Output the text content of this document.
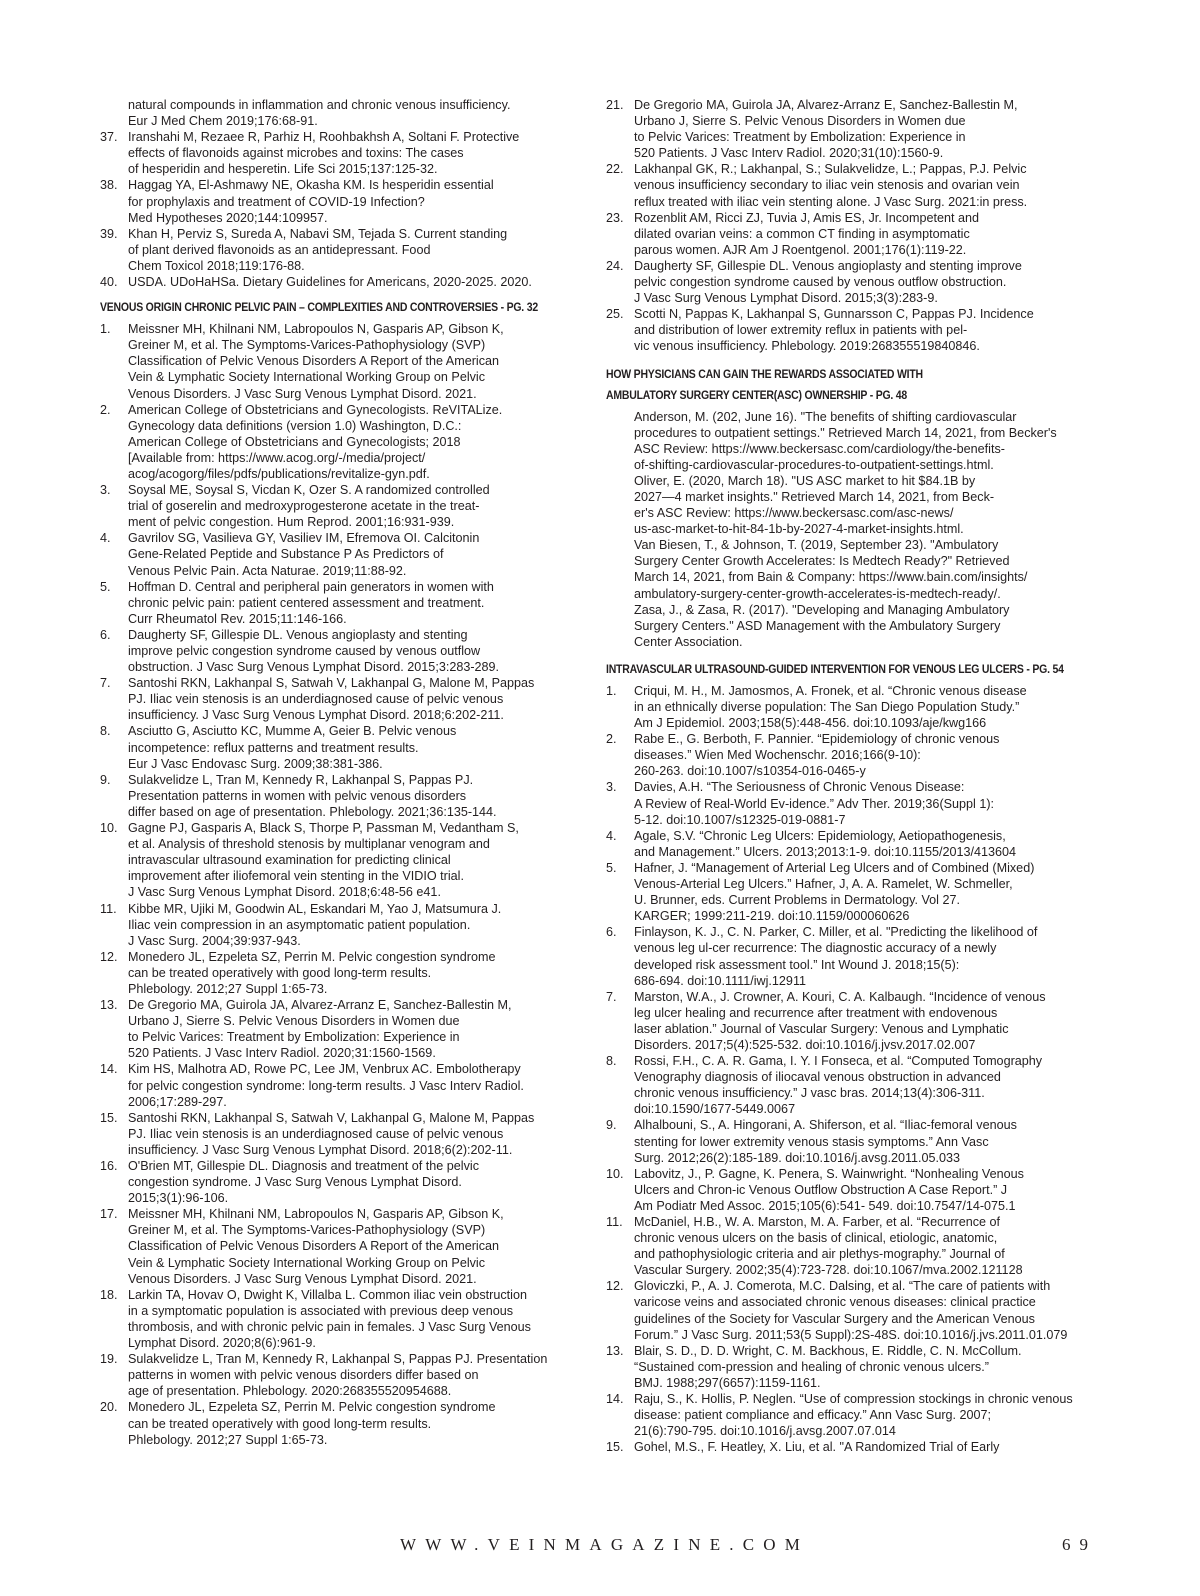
natural compounds in inflammation and chronic venous insufficiency.
Eur J Med Chem 2019;176:68-91.
37. Iranshahi M, Rezaee R, Parhiz H, Roohbakhsh A, Soltani F. Protective
effects of flavonoids against microbes and toxins: The cases
of hesperidin and hesperetin. Life Sci 2015;137:125-32.
38. Haggag YA, El-Ashmawy NE, Okasha KM. Is hesperidin essential
for prophylaxis and treatment of COVID-19 Infection?
Med Hypotheses 2020;144:109957.
39. Khan H, Perviz S, Sureda A, Nabavi SM, Tejada S. Current standing
of plant derived flavonoids as an antidepressant. Food
Chem Toxicol 2018;119:176-88.
40. USDA. UDoHaHSa. Dietary Guidelines for Americans, 2020-2025. 2020.
VENOUS ORIGIN CHRONIC PELVIC PAIN – COMPLEXITIES AND CONTROVERSIES - PG. 32
1. Meissner MH, Khilnani NM, Labropoulos N, Gasparis AP, Gibson K,
Greiner M, et al. The Symptoms-Varices-Pathophysiology (SVP)
Classification of Pelvic Venous Disorders A Report of the American
Vein & Lymphatic Society International Working Group on Pelvic
Venous Disorders. J Vasc Surg Venous Lymphat Disord. 2021.
2. American College of Obstetricians and Gynecologists. ReVITALize.
Gynecology data definitions (version 1.0) Washington, D.C.:
American College of Obstetricians and Gynecologists; 2018
[Available from: https://www.acog.org/-/media/project/
acog/acogorg/files/pdfs/publications/revitalize-gyn.pdf.
3. Soysal ME, Soysal S, Vicdan K, Ozer S. A randomized controlled
trial of goserelin and medroxyprogesterone acetate in the treat-
ment of pelvic congestion. Hum Reprod. 2001;16:931-939.
4. Gavrilov SG, Vasilieva GY, Vasiliev IM, Efremova OI. Calcitonin
Gene-Related Peptide and Substance P As Predictors of
Venous Pelvic Pain. Acta Naturae. 2019;11:88-92.
5. Hoffman D. Central and peripheral pain generators in women with
chronic pelvic pain: patient centered assessment and treatment.
Curr Rheumatol Rev. 2015;11:146-166.
6. Daugherty SF, Gillespie DL. Venous angioplasty and stenting
improve pelvic congestion syndrome caused by venous outflow
obstruction. J Vasc Surg Venous Lymphat Disord. 2015;3:283-289.
7. Santoshi RKN, Lakhanpal S, Satwah V, Lakhanpal G, Malone M, Pappas
PJ. Iliac vein stenosis is an underdiagnosed cause of pelvic venous
insufficiency. J Vasc Surg Venous Lymphat Disord. 2018;6:202-211.
8. Asciutto G, Asciutto KC, Mumme A, Geier B. Pelvic venous
incompetence: reflux patterns and treatment results.
Eur J Vasc Endovasc Surg. 2009;38:381-386.
9. Sulakvelidze L, Tran M, Kennedy R, Lakhanpal S, Pappas PJ.
Presentation patterns in women with pelvic venous disorders
differ based on age of presentation. Phlebology. 2021;36:135-144.
10. Gagne PJ, Gasparis A, Black S, Thorpe P, Passman M, Vedantham S,
et al. Analysis of threshold stenosis by multiplanar venogram and
intravascular ultrasound examination for predicting clinical
improvement after iliofemoral vein stenting in the VIDIO trial.
J Vasc Surg Venous Lymphat Disord. 2018;6:48-56 e41.
11. Kibbe MR, Ujiki M, Goodwin AL, Eskandari M, Yao J, Matsumura J.
Iliac vein compression in an asymptomatic patient population.
J Vasc Surg. 2004;39:937-943.
12. Monedero JL, Ezpeleta SZ, Perrin M. Pelvic congestion syndrome
can be treated operatively with good long-term results.
Phlebology. 2012;27 Suppl 1:65-73.
13. De Gregorio MA, Guirola JA, Alvarez-Arranz E, Sanchez-Ballestin M,
Urbano J, Sierre S. Pelvic Venous Disorders in Women due
to Pelvic Varices: Treatment by Embolization: Experience in
520 Patients. J Vasc Interv Radiol. 2020;31:1560-1569.
14. Kim HS, Malhotra AD, Rowe PC, Lee JM, Venbrux AC. Embolotherapy
for pelvic congestion syndrome: long-term results. J Vasc Interv Radiol.
2006;17:289-297.
15. Santoshi RKN, Lakhanpal S, Satwah V, Lakhanpal G, Malone M, Pappas
PJ. Iliac vein stenosis is an underdiagnosed cause of pelvic venous
insufficiency. J Vasc Surg Venous Lymphat Disord. 2018;6(2):202-11.
16. O'Brien MT, Gillespie DL. Diagnosis and treatment of the pelvic
congestion syndrome. J Vasc Surg Venous Lymphat Disord.
2015;3(1):96-106.
17. Meissner MH, Khilnani NM, Labropoulos N, Gasparis AP, Gibson K,
Greiner M, et al. The Symptoms-Varices-Pathophysiology (SVP)
Classification of Pelvic Venous Disorders A Report of the American
Vein & Lymphatic Society International Working Group on Pelvic
Venous Disorders. J Vasc Surg Venous Lymphat Disord. 2021.
18. Larkin TA, Hovav O, Dwight K, Villalba L. Common iliac vein obstruction
in a symptomatic population is associated with previous deep venous
thrombosis, and with chronic pelvic pain in females. J Vasc Surg Venous
Lymphat Disord. 2020;8(6):961-9.
19. Sulakvelidze L, Tran M, Kennedy R, Lakhanpal S, Pappas PJ. Presentation
patterns in women with pelvic venous disorders differ based on
age of presentation. Phlebology. 2020:268355520954688.
20. Monedero JL, Ezpeleta SZ, Perrin M. Pelvic congestion syndrome
can be treated operatively with good long-term results.
Phlebology. 2012;27 Suppl 1:65-73.
21. De Gregorio MA, Guirola JA, Alvarez-Arranz E, Sanchez-Ballestin M,
Urbano J, Sierre S. Pelvic Venous Disorders in Women due
to Pelvic Varices: Treatment by Embolization: Experience in
520 Patients. J Vasc Interv Radiol. 2020;31(10):1560-9.
22. Lakhanpal GK, R.; Lakhanpal, S.; Sulakvelidze, L.; Pappas, P.J. Pelvic
venous insufficiency secondary to iliac vein stenosis and ovarian vein
reflux treated with iliac vein stenting alone. J Vasc Surg. 2021:in press.
23. Rozenblit AM, Ricci ZJ, Tuvia J, Amis ES, Jr. Incompetent and
dilated ovarian veins: a common CT finding in asymptomatic
parous women. AJR Am J Roentgenol. 2001;176(1):119-22.
24. Daugherty SF, Gillespie DL. Venous angioplasty and stenting improve
pelvic congestion syndrome caused by venous outflow obstruction.
J Vasc Surg Venous Lymphat Disord. 2015;3(3):283-9.
25. Scotti N, Pappas K, Lakhanpal S, Gunnarsson C, Pappas PJ. Incidence
and distribution of lower extremity reflux in patients with pel-
vic venous insufficiency. Phlebology. 2019:268355519840846.
HOW PHYSICIANS CAN GAIN THE REWARDS ASSOCIATED WITH
AMBULATORY SURGERY CENTER(ASC) OWNERSHIP - PG. 48
Anderson, M. (202, June 16). "The benefits of shifting cardiovascular
procedures to outpatient settings." Retrieved March 14, 2021, from Becker's
ASC Review: https://www.beckersasc.com/cardiology/the-benefits-
of-shifting-cardiovascular-procedures-to-outpatient-settings.html.
Oliver, E. (2020, March 18). "US ASC market to hit $84.1B by
2027—4 market insights." Retrieved March 14, 2021, from Beck-
er's ASC Review: https://www.beckersasc.com/asc-news/
us-asc-market-to-hit-84-1b-by-2027-4-market-insights.html.
Van Biesen, T., & Johnson, T. (2019, September 23). "Ambulatory
Surgery Center Growth Accelerates: Is Medtech Ready?" Retrieved
March 14, 2021, from Bain & Company: https://www.bain.com/insights/
ambulatory-surgery-center-growth-accelerates-is-medtech-ready/.
Zasa, J., & Zasa, R. (2017). "Developing and Managing Ambulatory
Surgery Centers." ASD Management with the Ambulatory Surgery
Center Association.
INTRAVASCULAR ULTRASOUND-GUIDED INTERVENTION FOR VENOUS LEG ULCERS - PG. 54
1. Criqui, M. H., M. Jamosmos, A. Fronek, et al. “Chronic venous disease
in an ethnically diverse population: The San Diego Population Study.”
Am J Epidemiol. 2003;158(5):448-456. doi:10.1093/aje/kwg166
2. Rabe E., G. Berboth, F. Pannier. “Epidemiology of chronic venous
diseases.” Wien Med Wochenschr. 2016;166(9-10):
260-263. doi:10.1007/s10354-016-0465-y
3. Davies, A.H. “The Seriousness of Chronic Venous Disease:
A Review of Real-World Ev-idence.” Adv Ther. 2019;36(Suppl 1):
5-12. doi:10.1007/s12325-019-0881-7
4. Agale, S.V. “Chronic Leg Ulcers: Epidemiology, Aetiopathogenesis,
and Management.” Ulcers. 2013;2013:1-9. doi:10.1155/2013/413604
5. Hafner, J. “Management of Arterial Leg Ulcers and of Combined (Mixed)
Venous-Arterial Leg Ulcers.” Hafner, J, A. A. Ramelet, W. Schmeller,
U. Brunner, eds. Current Problems in Dermatology. Vol 27.
KARGER; 1999:211-219. doi:10.1159/000060626
6. Finlayson, K. J., C. N. Parker, C. Miller, et al. "Predicting the likelihood of
venous leg ul-cer recurrence: The diagnostic accuracy of a newly
developed risk assessment tool.” Int Wound J. 2018;15(5):
686-694. doi:10.1111/iwj.12911
7. Marston, W.A., J. Crowner, A. Kouri, C. A. Kalbaugh. “Incidence of venous
leg ulcer healing and recurrence after treatment with endovenous
laser ablation.” Journal of Vascular Surgery: Venous and Lymphatic
Disorders. 2017;5(4):525-532. doi:10.1016/j.jvsv.2017.02.007
8. Rossi, F.H., C. A. R. Gama, I. Y. I Fonseca, et al. “Computed Tomography
Venography diagnosis of iliocaval venous obstruction in advanced
chronic venous insufficiency.” J vasc bras. 2014;13(4):306-311.
doi:10.1590/1677-5449.0067
9. Alhalbouni, S., A. Hingorani, A. Shiferson, et al. “Iliac-femoral venous
stenting for lower extremity venous stasis symptoms.” Ann Vasc
Surg. 2012;26(2):185-189. doi:10.1016/j.avsg.2011.05.033
10. Labovitz, J., P. Gagne, K. Penera, S. Wainwright. “Nonhealing Venous
Ulcers and Chron-ic Venous Outflow Obstruction A Case Report.” J
Am Podiatr Med Assoc. 2015;105(6):541- 549. doi:10.7547/14-075.1
11. McDaniel, H.B., W. A. Marston, M. A. Farber, et al. “Recurrence of
chronic venous ulcers on the basis of clinical, etiologic, anatomic,
and pathophysiologic criteria and air plethys-mography.” Journal of
Vascular Surgery. 2002;35(4):723-728. doi:10.1067/mva.2002.121128
12. Gloviczki, P., A. J. Comerota, M.C. Dalsing, et al. “The care of patients with
varicose veins and associated chronic venous diseases: clinical practice
guidelines of the Society for Vascular Surgery and the American Venous
Forum.” J Vasc Surg. 2011;53(5 Suppl):2S-48S. doi:10.1016/j.jvs.2011.01.079
13. Blair, S. D., D. D. Wright, C. M. Backhous, E. Riddle, C. N. McCollum.
“Sustained com-pression and healing of chronic venous ulcers.”
BMJ. 1988;297(6657):1159-1161.
14. Raju, S., K. Hollis, P. Neglen. “Use of compression stockings in chronic venous
disease: patient compliance and efficacy.” Ann Vasc Surg. 2007;
21(6):790-795. doi:10.1016/j.avsg.2007.07.014
15. Gohel, M.S., F. Heatley, X. Liu, et al. "A Randomized Trial of Early
WWW.VEINMAGAZINE.COM	69
